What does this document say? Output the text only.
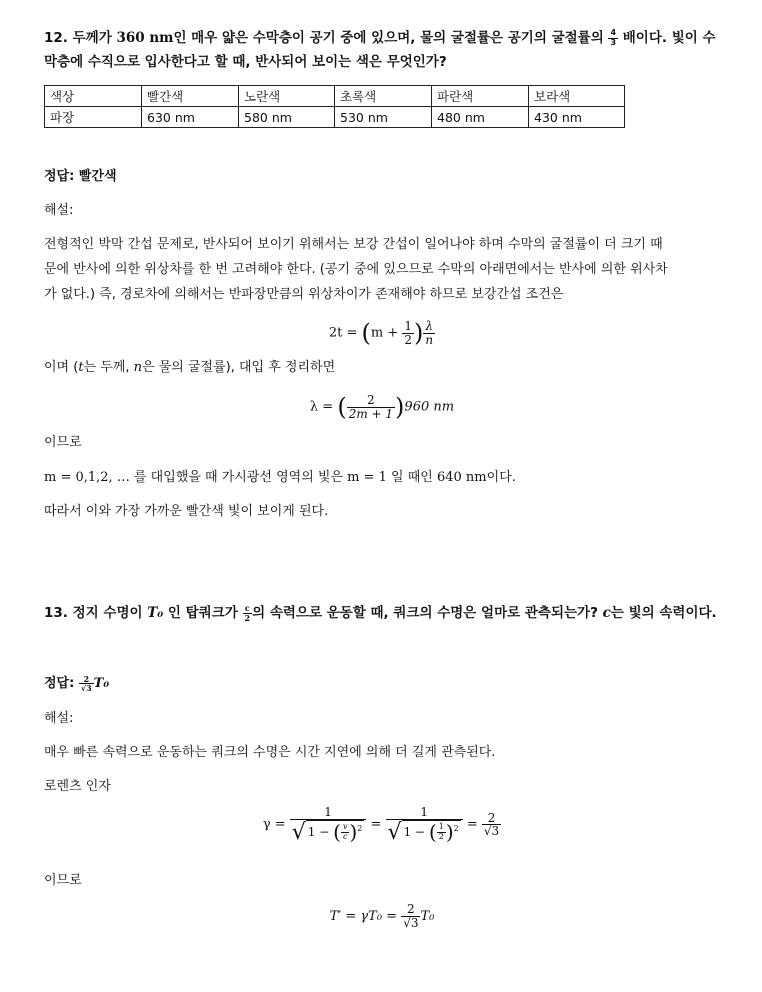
12. 두께가 360 nm인 매우 얇은 수막층이 공기 중에 있으며, 물의 굴절률은 공기의 굴절률의 $\frac{4}{3}$ 배이다. 빛이 수
막층에 수직으로 입사한다고 할 때, 반사되어 보이는 색은 무엇인가?
색상	빨간색	노란색	초록색	파란색	보라색
파장	630 nm	580 nm	530 nm	480 nm	430 nm
정답: 빨간색
해설:
전형적인 박막 간섭 문제로, 반사되어 보이기 위해서는 보강 간섭이 일어나야 하며 수막의 굴절률이 더 크기 때
문에 반사에 의한 위상차를 한 번 고려해야 한다. (공기 중에 있으므로 수막의 아래면에서는 반사에 의한 위사차
가 없다.) 즉, 경로차에 의해서는 반파장만큼의 위상차이가 존재해야 하므로 보강간섭 조건은
$2t = (m + \frac{1}{2}$ ) $\frac{\lambda}{n}$
이며 (t는 두께, n은 물의 굴절률), 대입 후 정리하면
λ = ( $\frac{2}{2m + 1} )960$ nm
이므로
m = 0,1,2, … 를 대입했을 때 가시광선 영역의 빛은 m = 1 일 때인 640 nm이다.
따라서 이와 가장 가까운 빨간색 빛이 보이게 된다.
13. 정지 수명이 T₀ 인 탑쿼크가 $\frac{c}{2}$ 의 속력으로 운동할 때, 쿼크의 수명은 얼마로 관측되는가? c는 빛의 속력이다.
정답: $\frac{2}{√3} T_0$
해설:
매우 빠른 속력으로 운동하는 쿼크의 수명은 시간 지연에 의해 더 길게 관측된다.
로렌츠 인자
$\gamma = \frac{1}{√ 1 - ( \frac{v}{c} )^2} = \frac{1}{√ 1 - ( \frac{1}{2} )^2} = \frac{2}{√3}$
이므로
$T' = \gamma T_0 = \frac{2}{√3} T_0$
